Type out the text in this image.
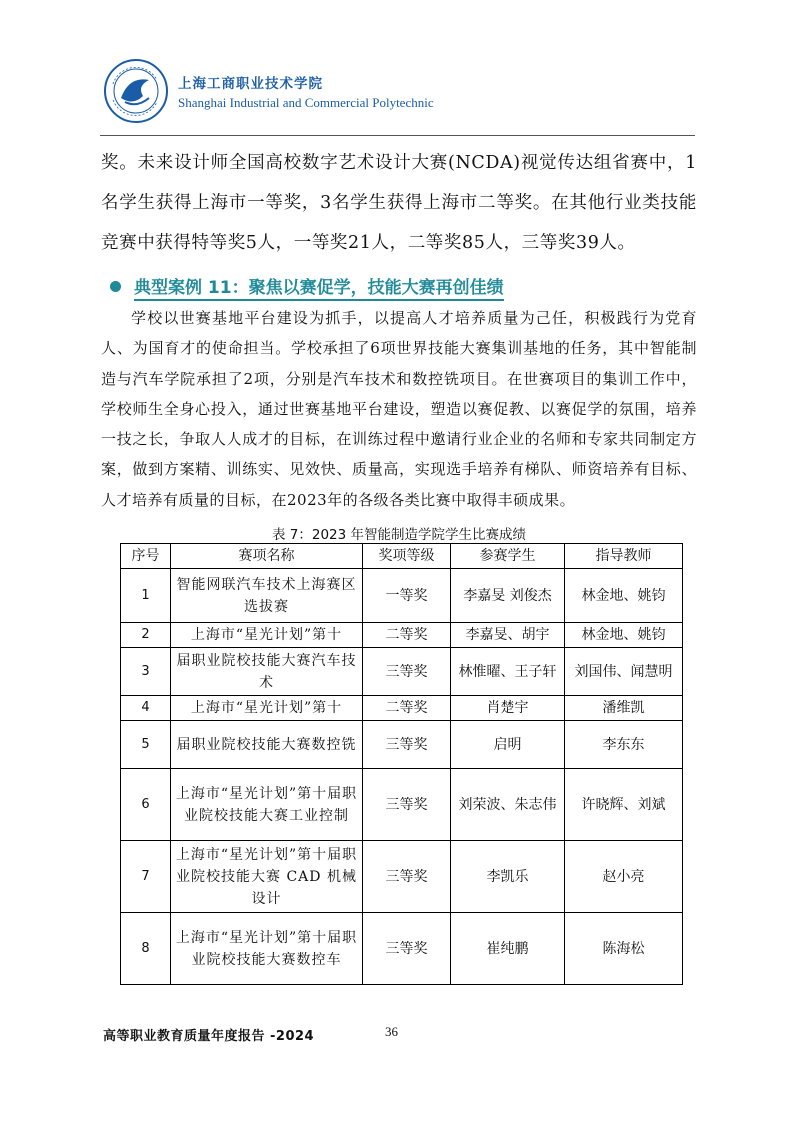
上海工商职业技术学院
Shanghai Industrial and Commercial Polytechnic
奖。未来设计师全国高校数字艺术设计大赛(NCDA)视觉传达组省赛中，1名学生获得上海市一等奖，3名学生获得上海市二等奖。在其他行业类技能竞赛中获得特等奖5人，一等奖21人，二等奖85人，三等奖39人。
典型案例 11：聚焦以赛促学，技能大赛再创佳绩
学校以世赛基地平台建设为抓手，以提高人才培养质量为己任，积极践行为党育人、为国育才的使命担当。学校承担了6项世界技能大赛集训基地的任务，其中智能制造与汽车学院承担了2项，分别是汽车技术和数控铣项目。在世赛项目的集训工作中，学校师生全身心投入，通过世赛基地平台建设，塑造以赛促教、以赛促学的氛围，培养一技之长，争取人人成才的目标，在训练过程中邀请行业企业的名师和专家共同制定方案，做到方案精、训练实、见效快、质量高，实现选手培养有梯队、师资培养有目标、人才培养有质量的目标，在2023年的各级各类比赛中取得丰硕成果。
表 7：2023 年智能制造学院学生比赛成绩
序号	赛项名称	奖项等级	参赛学生	指导教师
1	智能网联汽车技术上海赛区选拔赛	一等奖	李嘉旻 刘俊杰	林金地、姚钧
2	上海市“星光计划”第十	二等奖	李嘉旻、胡宇	林金地、姚钧
3	届职业院校技能大赛汽车技术	三等奖	林惟曜、王子轩	刘国伟、闻慧明
4	上海市“星光计划”第十	二等奖	肖楚宇	潘维凯
5	届职业院校技能大赛数控铣	三等奖	启明	李东东
6	上海市“星光计划”第十届职业院校技能大赛工业控制	三等奖	刘荣波、朱志伟	许晓辉、刘斌
7	上海市“星光计划”第十届职业院校技能大赛 CAD 机械设计	三等奖	李凯乐	赵小亮
8	上海市“星光计划”第十届职业院校技能大赛数控车	三等奖	崔纯鹏	陈海松
高等职业教育质量年度报告 -2024	36
